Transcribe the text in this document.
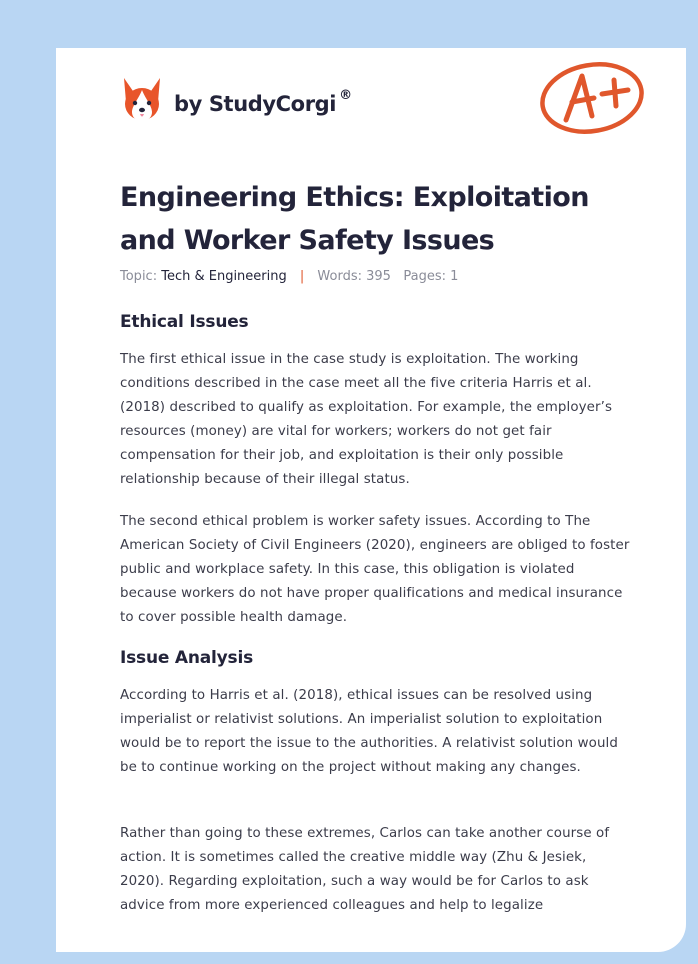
by StudyCorgi ®
Engineering Ethics: Exploitation and Worker Safety Issues
Topic: Tech & Engineering | Words: 395 Pages: 1
Ethical Issues

The first ethical issue in the case study is exploitation. The working conditions described in the case meet all the five criteria Harris et al. (2018) described to qualify as exploitation. For example, the employer’s resources (money) are vital for workers; workers do not get fair compensation for their job, and exploitation is their only possible relationship because of their illegal status.

The second ethical problem is worker safety issues. According to The American Society of Civil Engineers (2020), engineers are obliged to foster public and workplace safety. In this case, this obligation is violated because workers do not have proper qualifications and medical insurance to cover possible health damage.

Issue Analysis

According to Harris et al. (2018), ethical issues can be resolved using imperialist or relativist solutions. An imperialist solution to exploitation would be to report the issue to the authorities. A relativist solution would be to continue working on the project without making any changes.

Rather than going to these extremes, Carlos can take another course of action. It is sometimes called the creative middle way (Zhu & Jesiek, 2020). Regarding exploitation, such a way would be for Carlos to ask advice from more experienced colleagues and help to legalize
